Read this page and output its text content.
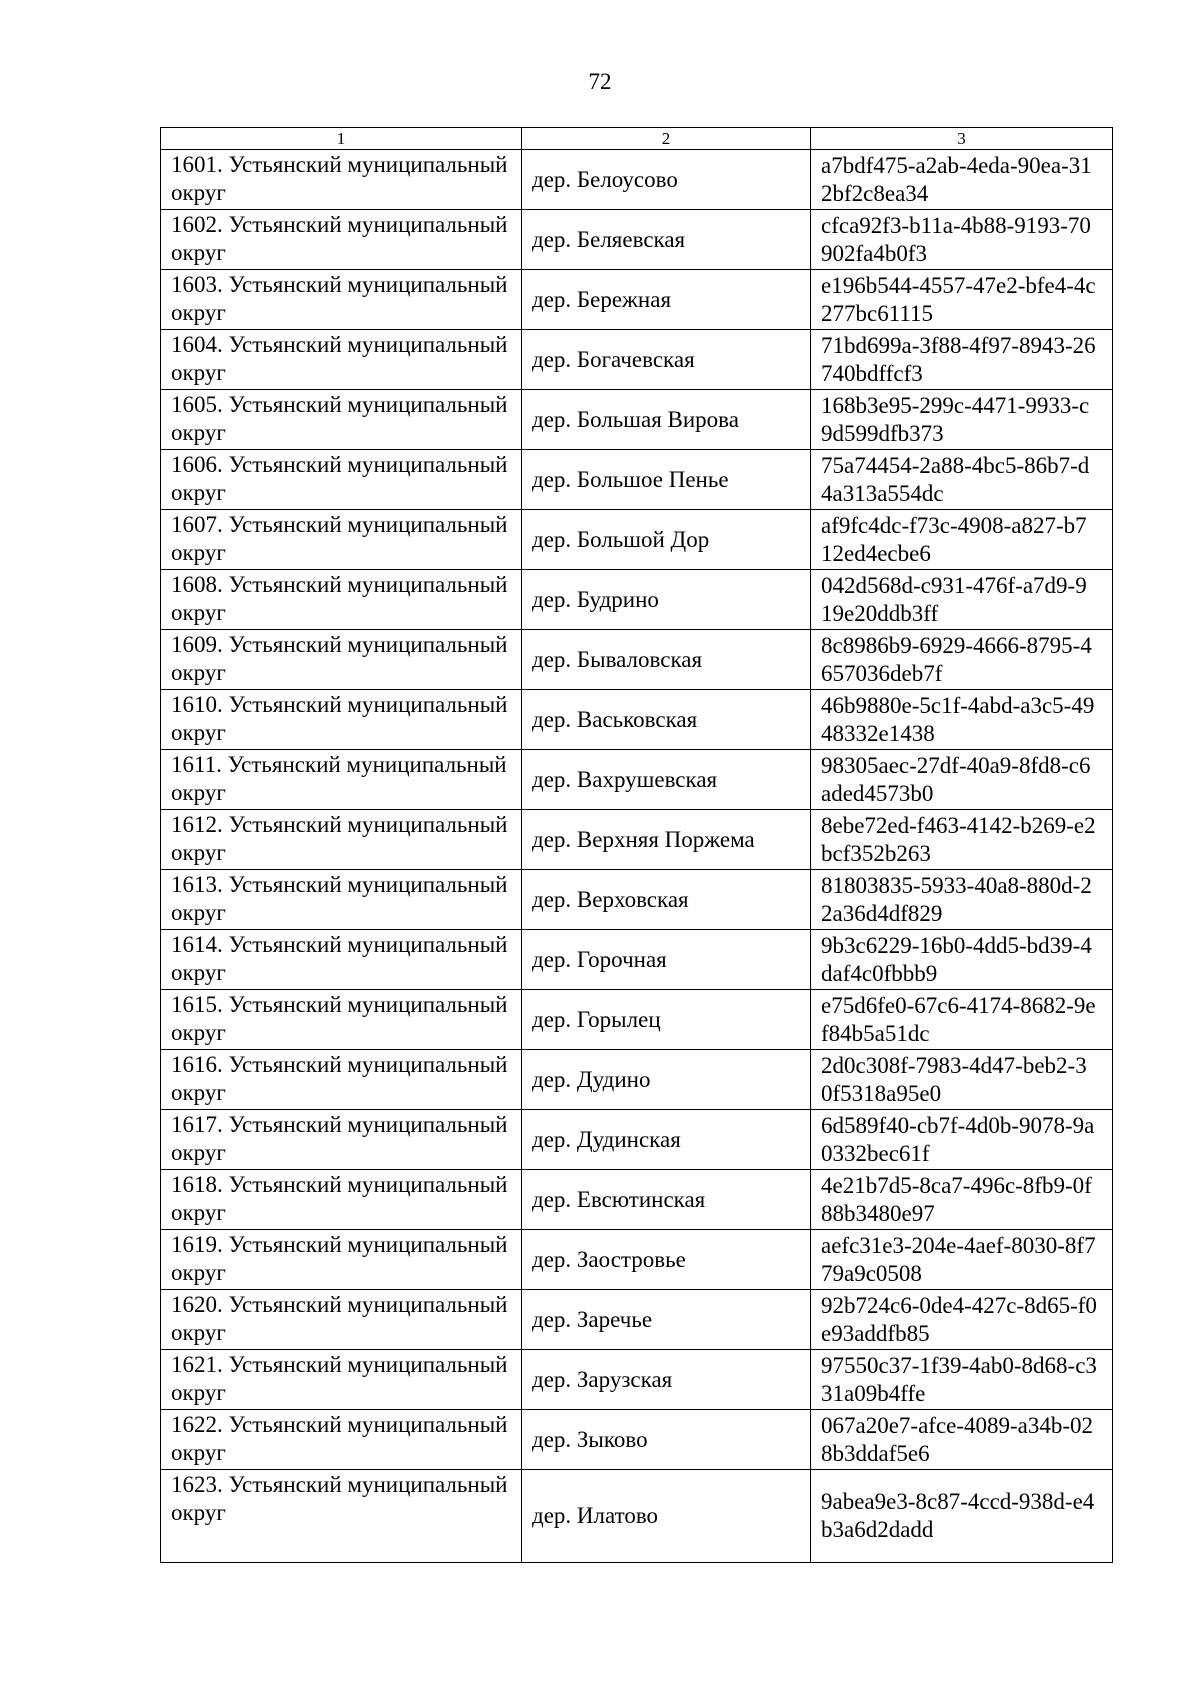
72
1	2	3
1601. Устьянский муниципальный округ	дер. Белоусово	a7bdf475-a2ab-4eda-90ea-312bf2c8ea34
1602. Устьянский муниципальный округ	дер. Беляевская	cfca92f3-b11a-4b88-9193-70902fa4b0f3
1603. Устьянский муниципальный округ	дер. Бережная	e196b544-4557-47e2-bfe4-4c277bc61115
1604. Устьянский муниципальный округ	дер. Богачевская	71bd699a-3f88-4f97-8943-26740bdffcf3
1605. Устьянский муниципальный округ	дер. Большая Вирова	168b3e95-299c-4471-9933-c9d599dfb373
1606. Устьянский муниципальный округ	дер. Большое Пенье	75a74454-2a88-4bc5-86b7-d4a313a554dc
1607. Устьянский муниципальный округ	дер. Большой Дор	af9fc4dc-f73c-4908-a827-b712ed4ecbe6
1608. Устьянский муниципальный округ	дер. Будрино	042d568d-c931-476f-a7d9-919e20ddb3ff
1609. Устьянский муниципальный округ	дер. Бываловская	8c8986b9-6929-4666-8795-4657036deb7f
1610. Устьянский муниципальный округ	дер. Васьковская	46b9880e-5c1f-4abd-a3c5-4948332e1438
1611. Устьянский муниципальный округ	дер. Вахрушевская	98305aec-27df-40a9-8fd8-c6aded4573b0
1612. Устьянский муниципальный округ	дер. Верхняя Поржема	8ebe72ed-f463-4142-b269-e2bcf352b263
1613. Устьянский муниципальный округ	дер. Верховская	81803835-5933-40a8-880d-22a36d4df829
1614. Устьянский муниципальный округ	дер. Горочная	9b3c6229-16b0-4dd5-bd39-4daf4c0fbbb9
1615. Устьянский муниципальный округ	дер. Горылец	e75d6fe0-67c6-4174-8682-9ef84b5a51dc
1616. Устьянский муниципальный округ	дер. Дудино	2d0c308f-7983-4d47-beb2-30f5318a95e0
1617. Устьянский муниципальный округ	дер. Дудинская	6d589f40-cb7f-4d0b-9078-9a0332bec61f
1618. Устьянский муниципальный округ	дер. Евсютинская	4e21b7d5-8ca7-496c-8fb9-0f88b3480e97
1619. Устьянский муниципальный округ	дер. Заостровье	aefc31e3-204e-4aef-8030-8f779a9c0508
1620. Устьянский муниципальный округ	дер. Заречье	92b724c6-0de4-427c-8d65-f0e93addfb85
1621. Устьянский муниципальный округ	дер. Зарузская	97550c37-1f39-4ab0-8d68-c331a09b4ffe
1622. Устьянский муниципальный округ	дер. Зыково	067a20e7-afce-4089-a34b-028b3ddaf5e6
1623. Устьянский муниципальный округ	дер. Илатово	9abea9e3-8c87-4ccd-938d-e4b3a6d2dadd
